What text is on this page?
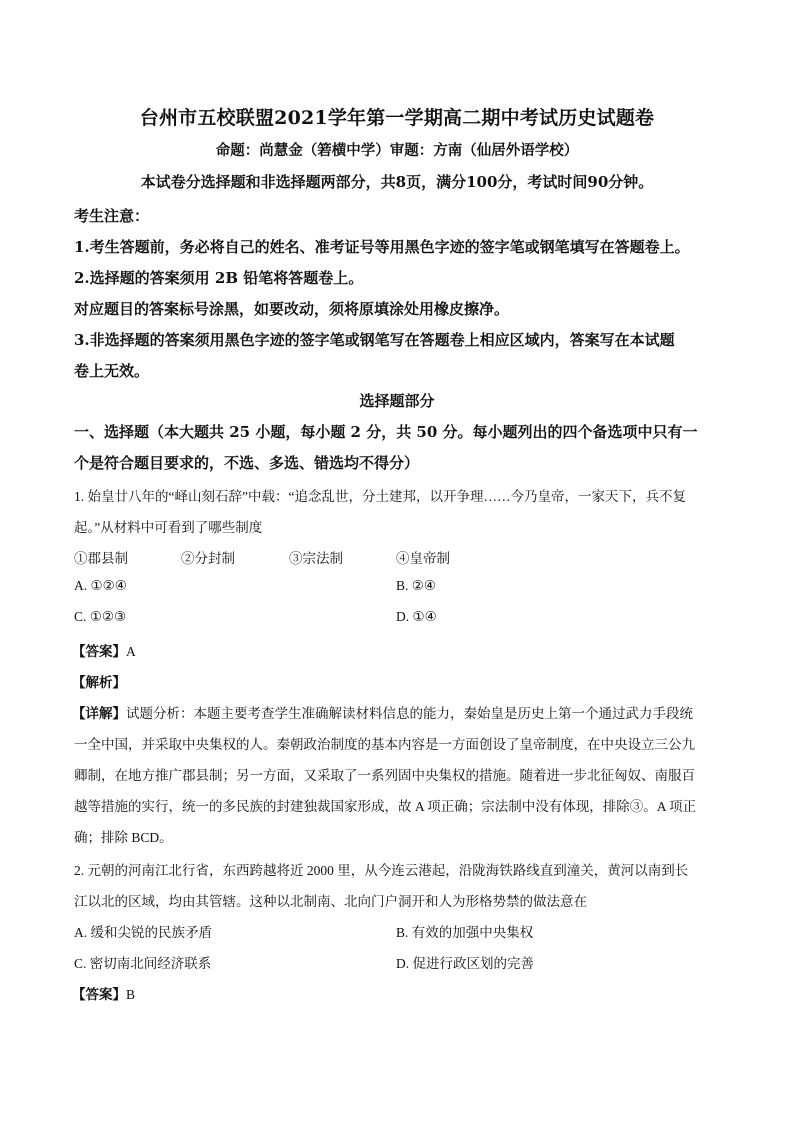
台州市五校联盟2021学年第一学期高二期中考试历史试题卷
命题：尚慧金（箬横中学）审题：方南（仙居外语学校）
本试卷分选择题和非选择题两部分，共8页，满分100分，考试时间90分钟。
考生注意：
1.考生答题前，务必将自己的姓名、准考证号等用黑色字迹的签字笔或钢笔填写在答题卷上。
2.选择题的答案须用 2B 铅笔将答题卷上。
对应题目的答案标号涂黑，如要改动，须将原填涂处用橡皮擦净。
3.非选择题的答案须用黑色字迹的签字笔或钢笔写在答题卷上相应区域内，答案写在本试题
卷上无效。
选择题部分
一、选择题（本大题共 25 小题，每小题 2 分，共 50 分。每小题列出的四个备选项中只有一
个是符合题目要求的，不选、多选、错选均不得分）
1. 始皇廿八年的“峄山刻石辞”中载：“追念乱世，分土建邦，以开争理……今乃皇帝，一家天下，兵不复
起。”从材料中可看到了哪些制度
①郡县制	②分封制	③宗法制	④皇帝制
A. ①②④	B. ②④
C. ①②③	D. ①④
【答案】A
【解析】
【详解】试题分析：本题主要考查学生准确解读材料信息的能力，秦始皇是历史上第一个通过武力手段统
一全中国，并采取中央集权的人。秦朝政治制度的基本内容是一方面创设了皇帝制度，在中央设立三公九
卿制，在地方推广郡县制；另一方面，又采取了一系列固中央集权的措施。随着进一步北征匈奴、南服百
越等措施的实行，统一的多民族的封建独裁国家形成，故 A 项正确；宗法制中没有体现，排除③。A 项正
确；排除 BCD。
2. 元朝的河南江北行省，东西跨越将近 2000 里，从今连云港起，沿陇海铁路线直到潼关，黄河以南到长
江以北的区域，均由其管辖。这种以北制南、北向门户洞开和人为形格势禁的做法意在
A. 缓和尖锐的民族矛盾	B. 有效的加强中央集权
C. 密切南北间经济联系	D. 促进行政区划的完善
【答案】B
